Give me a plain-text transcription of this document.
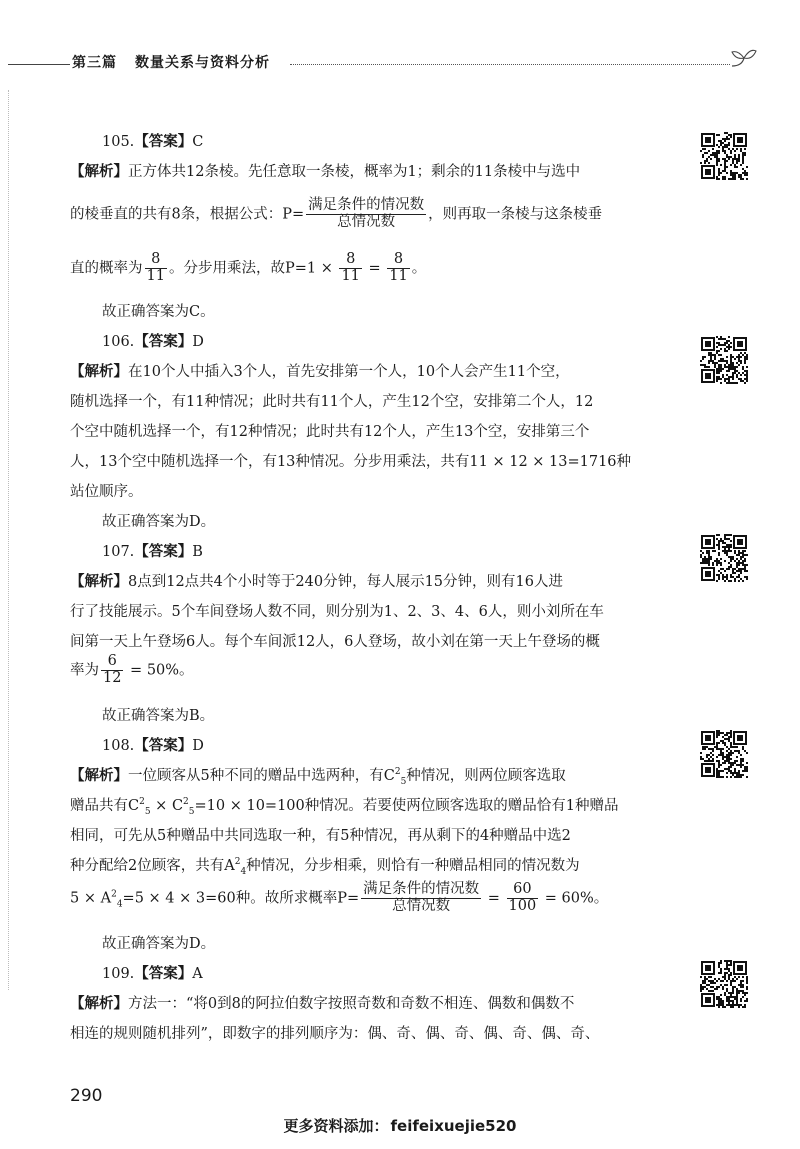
第三篇 数量关系与资料分析
105.【答案】C
【解析】正方体共12条棱。先任意取一条棱，概率为1；剩余的11条棱中与选中
的棱垂直的共有8条，根据公式：$P= \frac{\text{满足条件的情况数}}{\text{总情况数}}$ ，则再取一条棱与这条棱垂
直的概率为 $\frac{8}{11}$ 。分步用乘法，故$P=1 \times \frac{8}{11} = \frac{8}{11}$ 。
故正确答案为C。
106.【答案】D
【解析】在10个人中插入3个人，首先安排第一个人，10个人会产生11个空，
随机选择一个，有11种情况；此时共有11个人，产生12个空，安排第二个人，12
个空中随机选择一个，有12种情况；此时共有12个人，产生13个空，安排第三个
人，13个空中随机选择一个，有13种情况。分步用乘法，共有11 × 12 × 13=1716种
站位顺序。
故正确答案为D。
107.【答案】B
【解析】8点到12点共4个小时等于240分钟，每人展示15分钟，则有16人进
行了技能展示。5个车间登场人数不同，则分别为1、2、3、4、6人，则小刘所在车
间第一天上午登场6人。每个车间派12人，6人登场，故小刘在第一天上午登场的概
率为 $\frac{6}{12} = 50\%$。
故正确答案为B。
108.【答案】D
【解析】一位顾客从5种不同的赠品中选两种，有$C^2_5$种情况，则两位顾客选取
赠品共有$C^2_5 \times C^2_5=10 \times 10=100$种情况。若要使两位顾客选取的赠品恰有1种赠品
相同，可先从5种赠品中共同选取一种，有5种情况，再从剩下的4种赠品中选2
种分配给2位顾客，共有$A^2_4$种情况，分步相乘，则恰有一种赠品相同的情况数为
$5 \times A^2_4=5 \times 4 \times 3=60$种。故所求概率$P= \frac{\text{满足条件的情况数}}{\text{总情况数}} = \frac{60}{100} = 60\%$。
故正确答案为D。
109.【答案】A
【解析】方法一：“将0到8的阿拉伯数字按照奇数和奇数不相连、偶数和偶数不
相连的规则随机排列”，即数字的排列顺序为：偶、奇、偶、奇、偶、奇、偶、奇、
290
更多资料添加： feifeixuejie520
